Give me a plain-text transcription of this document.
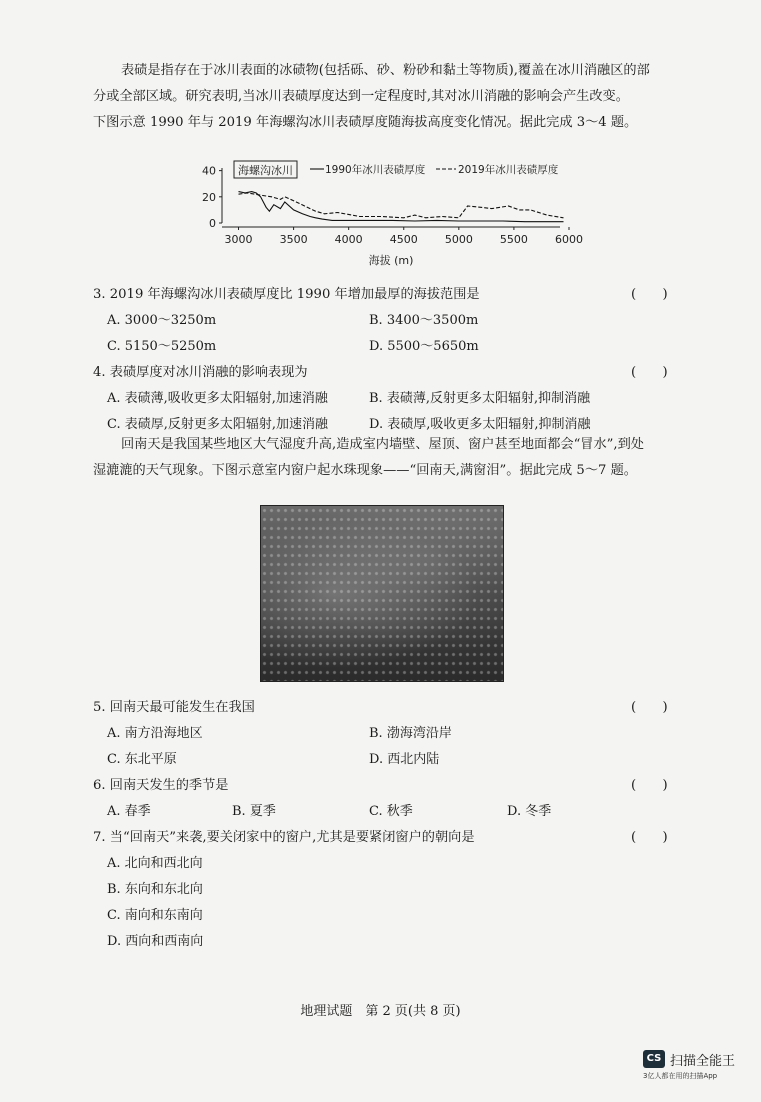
表碛是指存在于冰川表面的冰碛物(包括砾、砂、粉砂和黏土等物质),覆盖在冰川消融区的部

分或全部区域。研究表明,当冰川表碛厚度达到一定程度时,其对冰川消融的影响会产生改变。

下图示意 1990 年与 2019 年海螺沟冰川表碛厚度随海拔高度变化情况。据此完成 3～4 题。

40
20
0
3000 3500 4000 4500 5000 5500 6000
海拔 (m)
海螺沟冰川	1990年冰川表碛厚度	2019年冰川表碛厚度
3. 2019 年海螺沟冰川表碛厚度比 1990 年增加最厚的海拔范围是	(　　)
A. 3000～3250m	B. 3400～3500m
C. 5150～5250m	D. 5500～5650m
4. 表碛厚度对冰川消融的影响表现为	(　　)
A. 表碛薄,吸收更多太阳辐射,加速消融	B. 表碛薄,反射更多太阳辐射,抑制消融
C. 表碛厚,反射更多太阳辐射,加速消融	D. 表碛厚,吸收更多太阳辐射,抑制消融

回南天是我国某些地区大气湿度升高,造成室内墙壁、屋顶、窗户甚至地面都会“冒水”,到处

湿漉漉的天气现象。下图示意室内窗户起水珠现象——“回南天,满窗泪”。据此完成 5～7 题。

5. 回南天最可能发生在我国	(　　)
A. 南方沿海地区	B. 渤海湾沿岸
C. 东北平原	D. 西北内陆
6. 回南天发生的季节是	(　　)
A. 春季	B. 夏季	C. 秋季	D. 冬季
7. 当“回南天”来袭,要关闭家中的窗户,尤其是要紧闭窗户的朝向是	(　　)
A. 北向和西北向
B. 东向和东北向
C. 南向和东南向
D. 西向和西南向
地理试题　第 2 页(共 8 页)
CS 扫描全能王
3亿人都在用的扫描App
